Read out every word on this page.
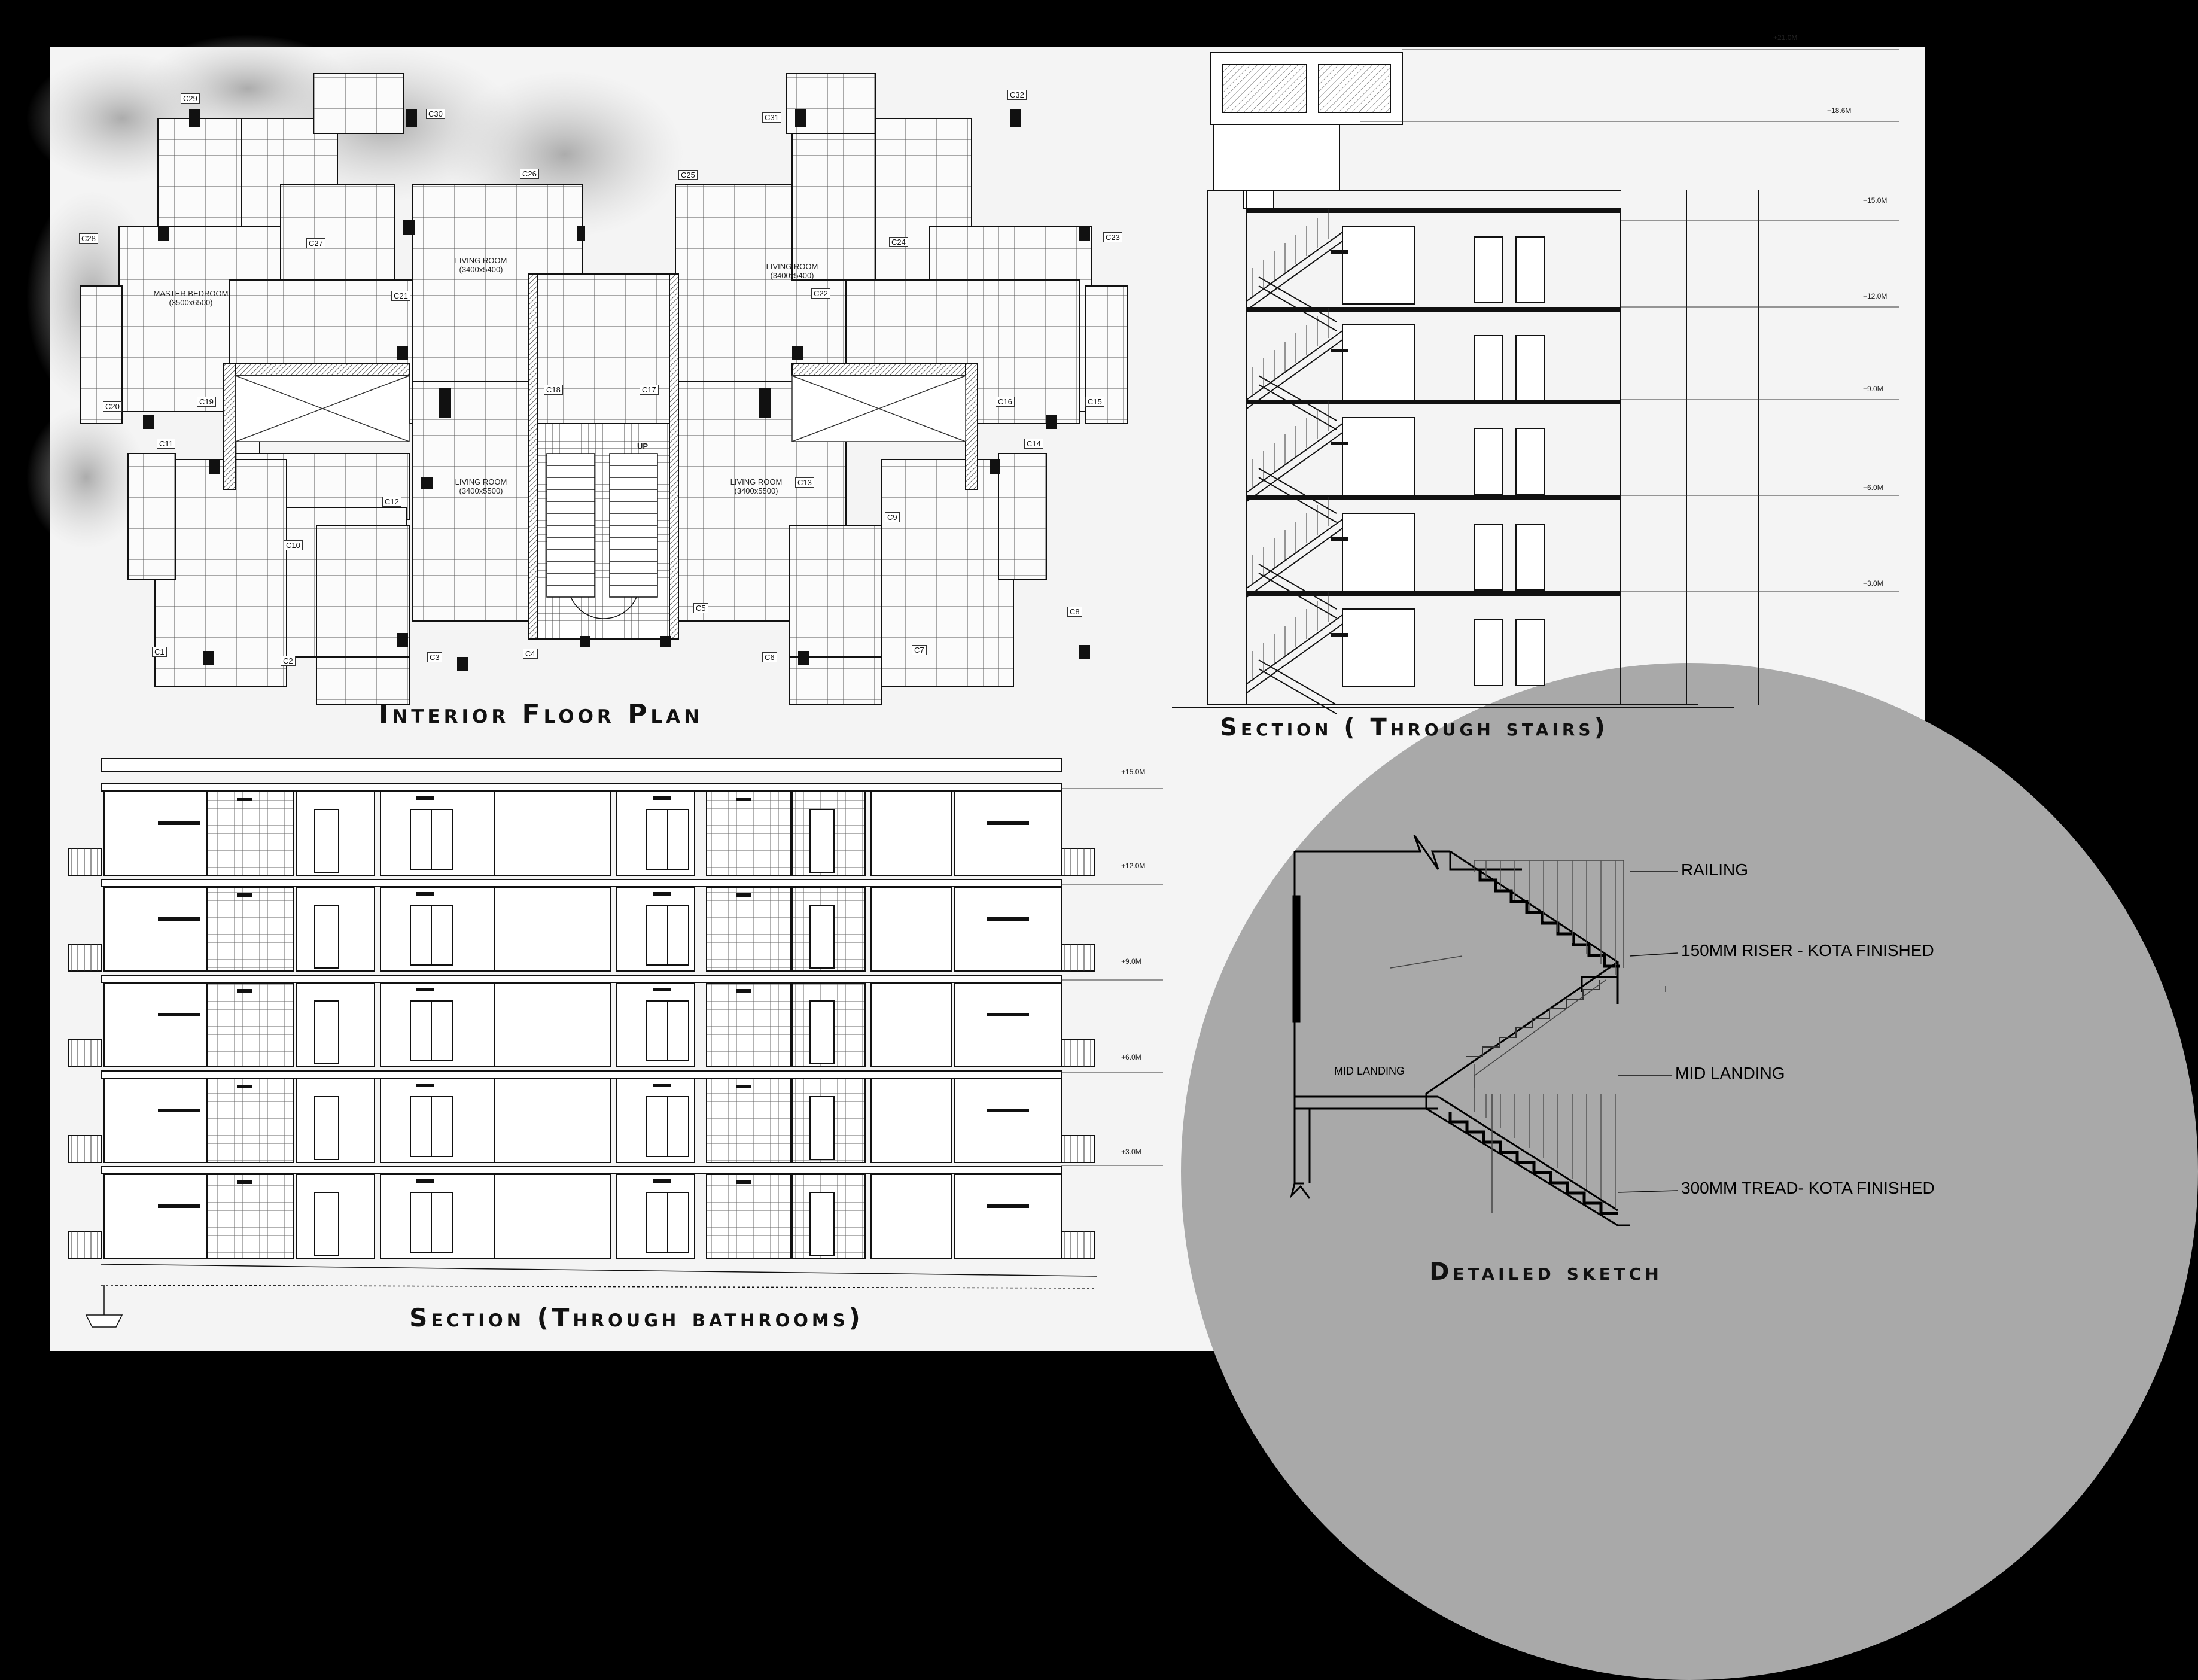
MASTER BEDROOM
(3500x6500)
LIVING ROOM
(3400x5400)	LIVING ROOM
(3400x5400)
LIVING ROOM
(3400x5500)
LIVING ROOM
(3400x5500)
UP
C29
C30
C26
C27
C28
C21
C20
C19
C11
C12
C10
C1
C2	C3	C4
C18	C17
C25
C24
C22
C31
C32
C23
C16	C15
C14
C13
C9
C8
C7
C6
C5
Interior Floor Plan
+21.0M
+18.6M
+15.0M
+12.0M
+9.0M
+6.0M
+3.0M
Section ( Through stairs)
+15.0M
+12.0M
+9.0M
+6.0M
+3.0M
Section (Through bathrooms)
RAILING
150MM RISER - KOTA FINISHED
MID LANDING
MID LANDING
300MM TREAD- KOTA FINISHED
Detailed sketch
